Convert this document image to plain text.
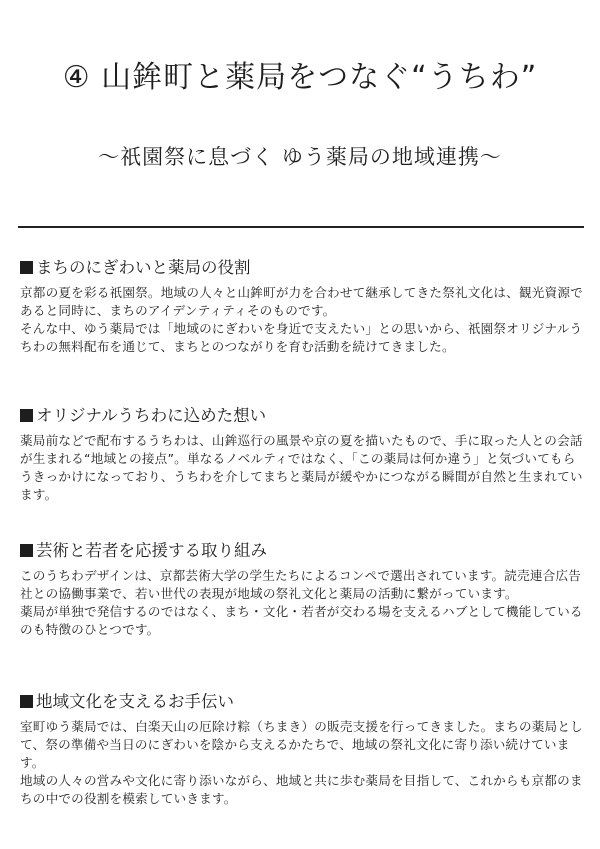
④ 山鉾町と薬局をつなぐ“うちわ”

〜祇園祭に息づく ゆう薬局の地域連携〜

まちのにぎわいと薬局の役割

京都の夏を彩る祇園祭。地域の人々と山鉾町が力を合わせて継承してきた祭礼文化は、観光資源であると同時に、まちのアイデンティティそのものです。

そんな中、ゆう薬局では「地域のにぎわいを身近で支えたい」との思いから、祇園祭オリジナルうちわの無料配布を通じて、まちとのつながりを育む活動を続けてきました。

オリジナルうちわに込めた想い

薬局前などで配布するうちわは、山鉾巡行の風景や京の夏を描いたもので、手に取った人との会話が生まれる“地域との接点”。単なるノベルティではなく、「この薬局は何か違う」と気づいてもらうきっかけになっており、うちわを介してまちと薬局が緩やかにつながる瞬間が自然と生まれています。

芸術と若者を応援する取り組み

このうちわデザインは、京都芸術大学の学生たちによるコンペで選出されています。読売連合広告社との協働事業で、若い世代の表現が地域の祭礼文化と薬局の活動に繋がっています。

薬局が単独で発信するのではなく、まち・文化・若者が交わる場を支えるハブとして機能しているのも特徴のひとつです。

地域文化を支えるお手伝い

室町ゆう薬局では、白楽天山の厄除け粽（ちまき）の販売支援を行ってきました。まちの薬局として、祭の準備や当日のにぎわいを陰から支えるかたちで、地域の祭礼文化に寄り添い続けています。

地域の人々の営みや文化に寄り添いながら、地域と共に歩む薬局を目指して、これからも京都のまちの中での役割を模索していきます。
